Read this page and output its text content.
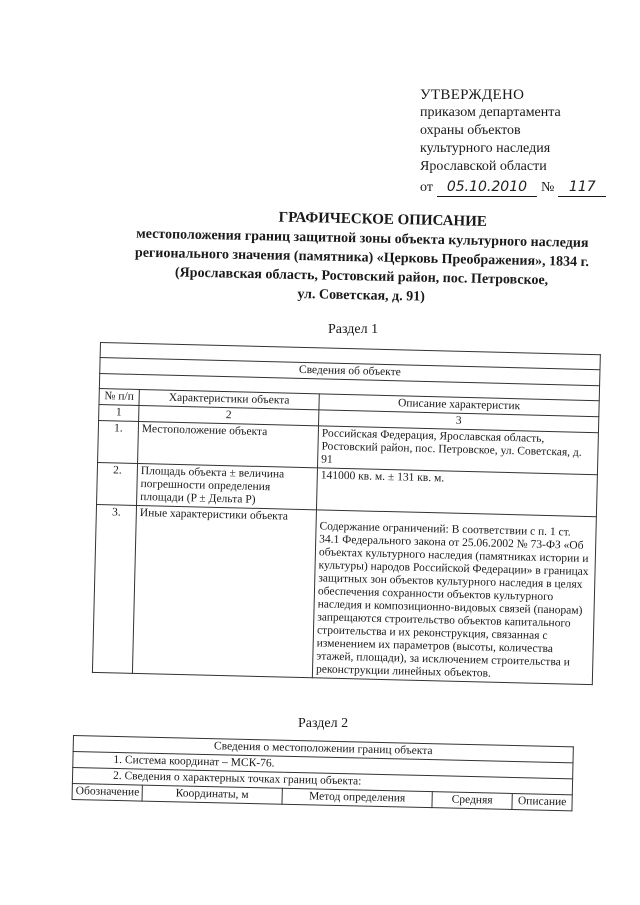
УТВЕРЖДЕНО
приказом департамента
охраны объектов
культурного наследия
Ярославской области
от 05.10.2010 №	117
ГРАФИЧЕСКОЕ ОПИСАНИЕ
местоположения границ защитной зоны объекта культурного наследия
регионального значения (памятника) «Церковь Преображения», 1834 г.
(Ярославская область, Ростовский район, пос. Петровское,
ул. Советская, д. 91)
Раздел 1

Сведения об объекте		

№ п/п	Характеристики объекта	Описание характеристик
1	2	3
1.	Местоположение объекта	Российская Федерация, Ярославская область, Ростовский район, пос. Петровское, ул. Советская, д. 91
2.	Площадь объекта ± величина погрешности определения площади (P ± Дельта P)	141000 кв. м. ± 131 кв. м.
3.	Иные характеристики объекта	Содержание ограничений: В соответствии с п. 1 ст. 34.1 Федерального закона от 25.06.2002 № 73-ФЗ «Об объектах культурного наследия (памятниках истории и культуры) народов Российской Федерации» в границах защитных зон объектов культурного наследия в целях обеспечения сохранности объектов культурного наследия и композиционно-видовых связей (панорам) запрещаются строительство объектов капитального строительства и их реконструкция, связанная с изменением их параметров (высоты, количества этажей, площади), за исключением строительства и реконструкции линейных объектов.
Раздел 2
Сведения о местоположении границ объекта
1. Система координат – МСК-76.
2. Сведения о характерных точках границ объекта:
Обозначение	Координаты, м	Метод определения	Средняя	Описание
